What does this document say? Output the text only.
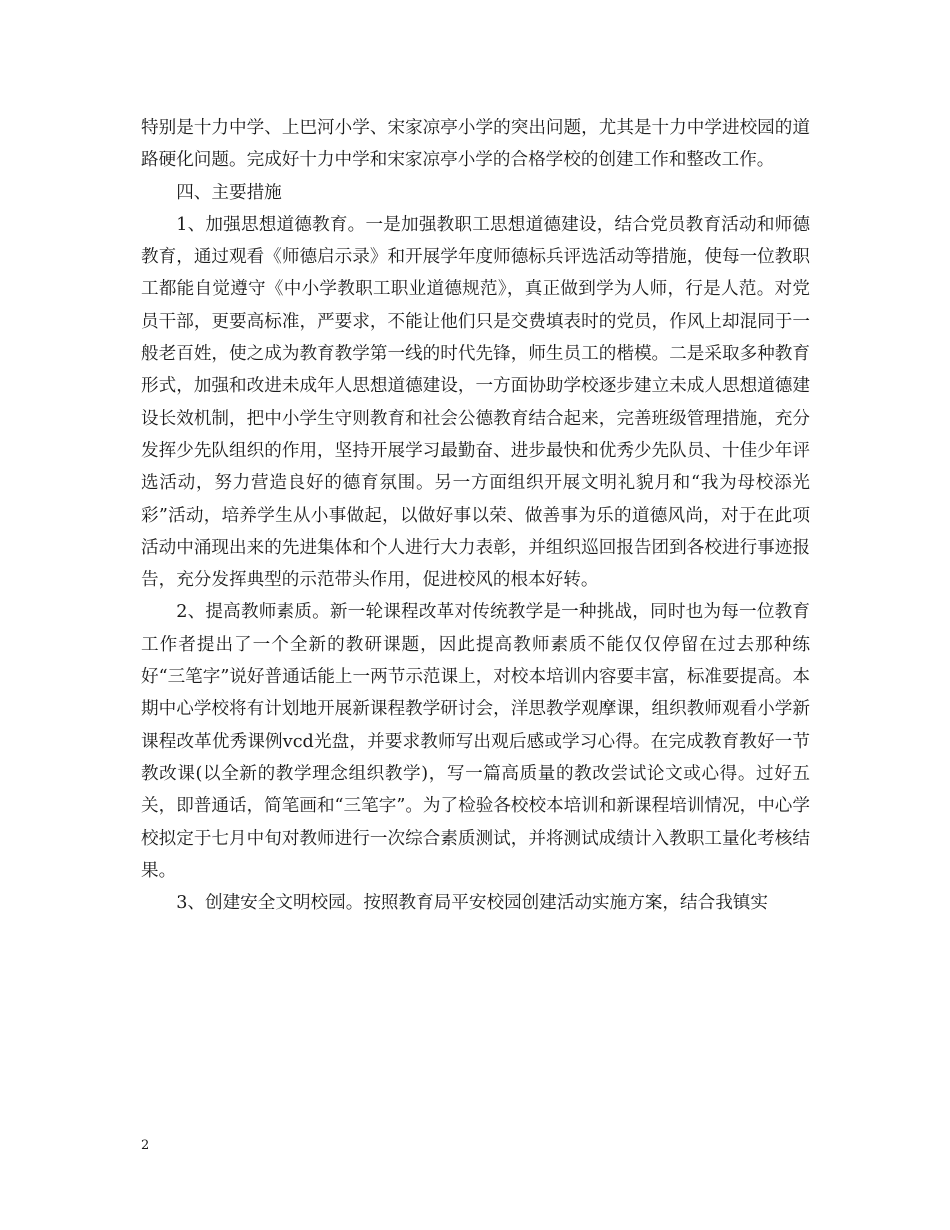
特别是十力中学、上巴河小学、宋家凉亭小学的突出问题，尤其是十力中学进校园的道路硬化问题。完成好十力中学和宋家凉亭小学的合格学校的创建工作和整改工作。

四、主要措施

1、加强思想道德教育。一是加强教职工思想道德建设，结合党员教育活动和师德教育，通过观看《师德启示录》和开展学年度师德标兵评选活动等措施，使每一位教职工都能自觉遵守《中小学教职工职业道德规范》，真正做到学为人师，行是人范。对党员干部，更要高标准，严要求，不能让他们只是交费填表时的党员，作风上却混同于一般老百姓，使之成为教育教学第一线的时代先锋，师生员工的楷模。二是采取多种教育形式，加强和改进未成年人思想道德建设，一方面协助学校逐步建立未成人思想道德建设长效机制，把中小学生守则教育和社会公德教育结合起来，完善班级管理措施，充分发挥少先队组织的作用，坚持开展学习最勤奋、进步最快和优秀少先队员、十佳少年评选活动，努力营造良好的德育氛围。另一方面组织开展文明礼貌月和“我为母校添光彩”活动，培养学生从小事做起，以做好事以荣、做善事为乐的道德风尚，对于在此项活动中涌现出来的先进集体和个人进行大力表彰，并组织巡回报告团到各校进行事迹报告，充分发挥典型的示范带头作用，促进校风的根本好转。

2、提高教师素质。新一轮课程改革对传统教学是一种挑战，同时也为每一位教育工作者提出了一个全新的教研课题，因此提高教师素质不能仅仅停留在过去那种练好“三笔字”说好普通话能上一两节示范课上，对校本培训内容要丰富，标准要提高。本期中心学校将有计划地开展新课程教学研讨会，洋思教学观摩课，组织教师观看小学新课程改革优秀课例vcd光盘，并要求教师写出观后感或学习心得。在完成教育教好一节教改课(以全新的教学理念组织教学)，写一篇高质量的教改尝试论文或心得。过好五关，即普通话，简笔画和“三笔字”。为了检验各校校本培训和新课程培训情况，中心学校拟定于七月中旬对教师进行一次综合素质测试，并将测试成绩计入教职工量化考核结果。

3、创建安全文明校园。按照教育局平安校园创建活动实施方案，结合我镇实

2
